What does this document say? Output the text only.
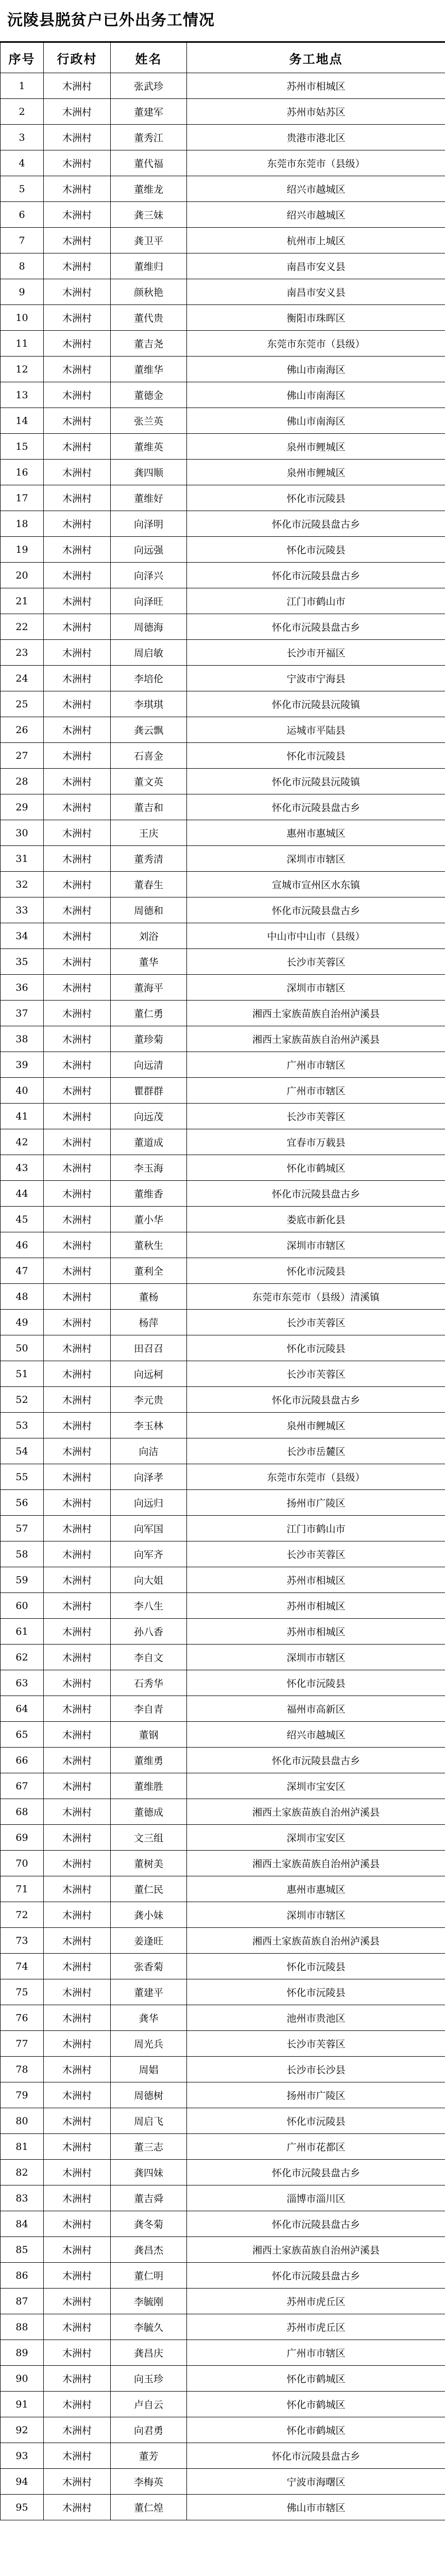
沅陵县脱贫户已外出务工情况
序号	行政村	姓名	务工地点
1	木洲村	张武珍	苏州市相城区
2	木洲村	董建军	苏州市姑苏区
3	木洲村	董秀江	贵港市港北区
4	木洲村	董代福	东莞市东莞市（县级）
5	木洲村	董维龙	绍兴市越城区
6	木洲村	龚三妹	绍兴市越城区
7	木洲村	龚卫平	杭州市上城区
8	木洲村	董维归	南昌市安义县
9	木洲村	颜秋艳	南昌市安义县
10	木洲村	董代贵	衡阳市珠晖区
11	木洲村	董吉尧	东莞市东莞市（县级）
12	木洲村	董维华	佛山市南海区
13	木洲村	董德金	佛山市南海区
14	木洲村	张兰英	佛山市南海区
15	木洲村	董维英	泉州市鲤城区
16	木洲村	龚四顺	泉州市鲤城区
17	木洲村	董维好	怀化市沅陵县
18	木洲村	向泽明	怀化市沅陵县盘古乡
19	木洲村	向远强	怀化市沅陵县
20	木洲村	向泽兴	怀化市沅陵县盘古乡
21	木洲村	向泽旺	江门市鹤山市
22	木洲村	周德海	怀化市沅陵县盘古乡
23	木洲村	周启敏	长沙市开福区
24	木洲村	李培伦	宁波市宁海县
25	木洲村	李琪琪	怀化市沅陵县沅陵镇
26	木洲村	龚云飘	运城市平陆县
27	木洲村	石喜金	怀化市沅陵县
28	木洲村	董文英	怀化市沅陵县沅陵镇
29	木洲村	董吉和	怀化市沅陵县盘古乡
30	木洲村	王庆	惠州市惠城区
31	木洲村	董秀清	深圳市市辖区
32	木洲村	董春生	宣城市宣州区水东镇
33	木洲村	周德和	怀化市沅陵县盘古乡
34	木洲村	刘浴	中山市中山市（县级）
35	木洲村	董华	长沙市芙蓉区
36	木洲村	董海平	深圳市市辖区
37	木洲村	董仁勇	湘西土家族苗族自治州泸溪县
38	木洲村	董珍菊	湘西土家族苗族自治州泸溪县
39	木洲村	向远清	广州市市辖区
40	木洲村	瞿群群	广州市市辖区
41	木洲村	向远茂	长沙市芙蓉区
42	木洲村	董道成	宜春市万载县
43	木洲村	李玉海	怀化市鹤城区
44	木洲村	董维香	怀化市沅陵县盘古乡
45	木洲村	董小华	娄底市新化县
46	木洲村	董秋生	深圳市市辖区
47	木洲村	董利全	怀化市沅陵县
48	木洲村	董杨	东莞市东莞市（县级）清溪镇
49	木洲村	杨萍	长沙市芙蓉区
50	木洲村	田召召	怀化市沅陵县
51	木洲村	向远柯	长沙市芙蓉区
52	木洲村	李元贵	怀化市沅陵县盘古乡
53	木洲村	李玉林	泉州市鲤城区
54	木洲村	向洁	长沙市岳麓区
55	木洲村	向泽孝	东莞市东莞市（县级）
56	木洲村	向远归	扬州市广陵区
57	木洲村	向军国	江门市鹤山市
58	木洲村	向军齐	长沙市芙蓉区
59	木洲村	向大姐	苏州市相城区
60	木洲村	李八生	苏州市相城区
61	木洲村	孙八香	苏州市相城区
62	木洲村	李自文	深圳市市辖区
63	木洲村	石秀华	怀化市沅陵县
64	木洲村	李自青	福州市高新区
65	木洲村	董钢	绍兴市越城区
66	木洲村	董维勇	怀化市沅陵县盘古乡
67	木洲村	董维胜	深圳市宝安区
68	木洲村	董德成	湘西土家族苗族自治州泸溪县
69	木洲村	文三组	深圳市宝安区
70	木洲村	董树美	湘西土家族苗族自治州泸溪县
71	木洲村	董仁民	惠州市惠城区
72	木洲村	龚小妹	深圳市市辖区
73	木洲村	姜逢旺	湘西土家族苗族自治州泸溪县
74	木洲村	张香菊	怀化市沅陵县
75	木洲村	董建平	怀化市沅陵县
76	木洲村	龚华	池州市贵池区
77	木洲村	周光兵	长沙市芙蓉区
78	木洲村	周娼	长沙市长沙县
79	木洲村	周德树	扬州市广陵区
80	木洲村	周启飞	怀化市沅陵县
81	木洲村	董三志	广州市花都区
82	木洲村	龚四妹	怀化市沅陵县盘古乡
83	木洲村	董吉舜	淄博市淄川区
84	木洲村	龚冬菊	怀化市沅陵县盘古乡
85	木洲村	龚昌杰	湘西土家族苗族自治州泸溪县
86	木洲村	董仁明	怀化市沅陵县盘古乡
87	木洲村	李毓刚	苏州市虎丘区
88	木洲村	李毓久	苏州市虎丘区
89	木洲村	龚昌庆	广州市市辖区
90	木洲村	向玉珍	怀化市鹤城区
91	木洲村	卢自云	怀化市鹤城区
92	木洲村	向君勇	怀化市鹤城区
93	木洲村	董芳	怀化市沅陵县盘古乡
94	木洲村	李梅英	宁波市海曙区
95	木洲村	董仁煌	佛山市市辖区
